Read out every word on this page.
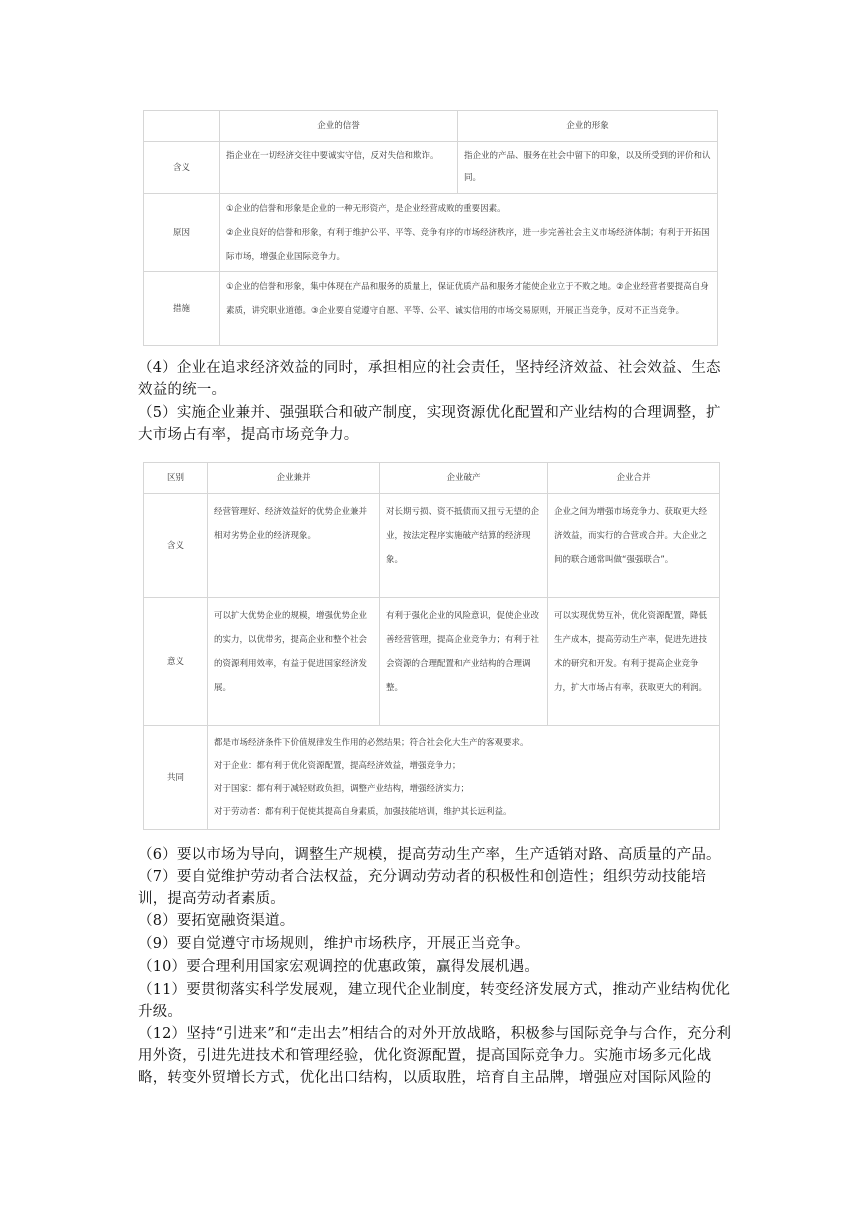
	企业的信誉	企业的形象
含义	指企业在一切经济交往中要诚实守信，反对失信和欺诈。	指企业的产品、服务在社会中留下的印象，以及所受到的评价和认同。
原因	①企业的信誉和形象是企业的一种无形资产，是企业经营成败的重要因素。
②企业良好的信誉和形象，有利于维护公平、平等、竞争有序的市场经济秩序，进一步完善社会主义市场经济体制；有利于开拓国际市场，增强企业国际竞争力。	

措施	①企业的信誉和形象，集中体现在产品和服务的质量上，保证优质产品和服务才能使企业立于不败之地。②企业经营者要提高自身素质，讲究职业道德。③企业要自觉遵守自愿、平等、公平、诚实信用的市场交易原则，开展正当竞争，反对不正当竞争。	
（4）企业在追求经济效益的同时，承担相应的社会责任，坚持经济效益、社会效益、生态效益的统一。
（5）实施企业兼并、强强联合和破产制度，实现资源优化配置和产业结构的合理调整，扩大市场占有率，提高市场竞争力。
区别	企业兼并	企业破产	企业合并
含义	经营管理好、经济效益好的优势企业兼并相对劣势企业的经济现象。	对长期亏损、资不抵债而又扭亏无望的企业，按法定程序实施破产结算的经济现象。	企业之间为增强市场竞争力、获取更大经济效益，而实行的合营或合并。大企业之间的联合通常叫做“强强联合”。
意义	可以扩大优势企业的规模，增强优势企业的实力，以优带劣，提高企业和整个社会的资源利用效率，有益于促进国家经济发展。	有利于强化企业的风险意识，促使企业改善经营管理，提高企业竞争力；有利于社会资源的合理配置和产业结构的合理调整。	可以实现优势互补，优化资源配置，降低生产成本，提高劳动生产率，促进先进技术的研究和开发。有利于提高企业竞争力，扩大市场占有率，获取更大的利润。
共同	都是市场经济条件下价值规律发生作用的必然结果；符合社会化大生产的客观要求。
对于企业：都有利于优化资源配置，提高经济效益，增强竞争力；
对于国家：都有利于减轻财政负担，调整产业结构，增强经济实力；
对于劳动者：都有利于促使其提高自身素质，加强技能培训，维护其长远利益。		
（6）要以市场为导向，调整生产规模，提高劳动生产率，生产适销对路、高质量的产品。
（7）要自觉维护劳动者合法权益，充分调动劳动者的积极性和创造性；组织劳动技能培训，提高劳动者素质。
（8）要拓宽融资渠道。
（9）要自觉遵守市场规则，维护市场秩序，开展正当竞争。
（10）要合理利用国家宏观调控的优惠政策，赢得发展机遇。
（11）要贯彻落实科学发展观，建立现代企业制度，转变经济发展方式，推动产业结构优化升级。
（12）坚持“引进来”和“走出去”相结合的对外开放战略，积极参与国际竞争与合作，充分利用外资，引进先进技术和管理经验，优化资源配置，提高国际竞争力。实施市场多元化战略，转变外贸增长方式，优化出口结构，以质取胜，培育自主品牌，增强应对国际风险的
